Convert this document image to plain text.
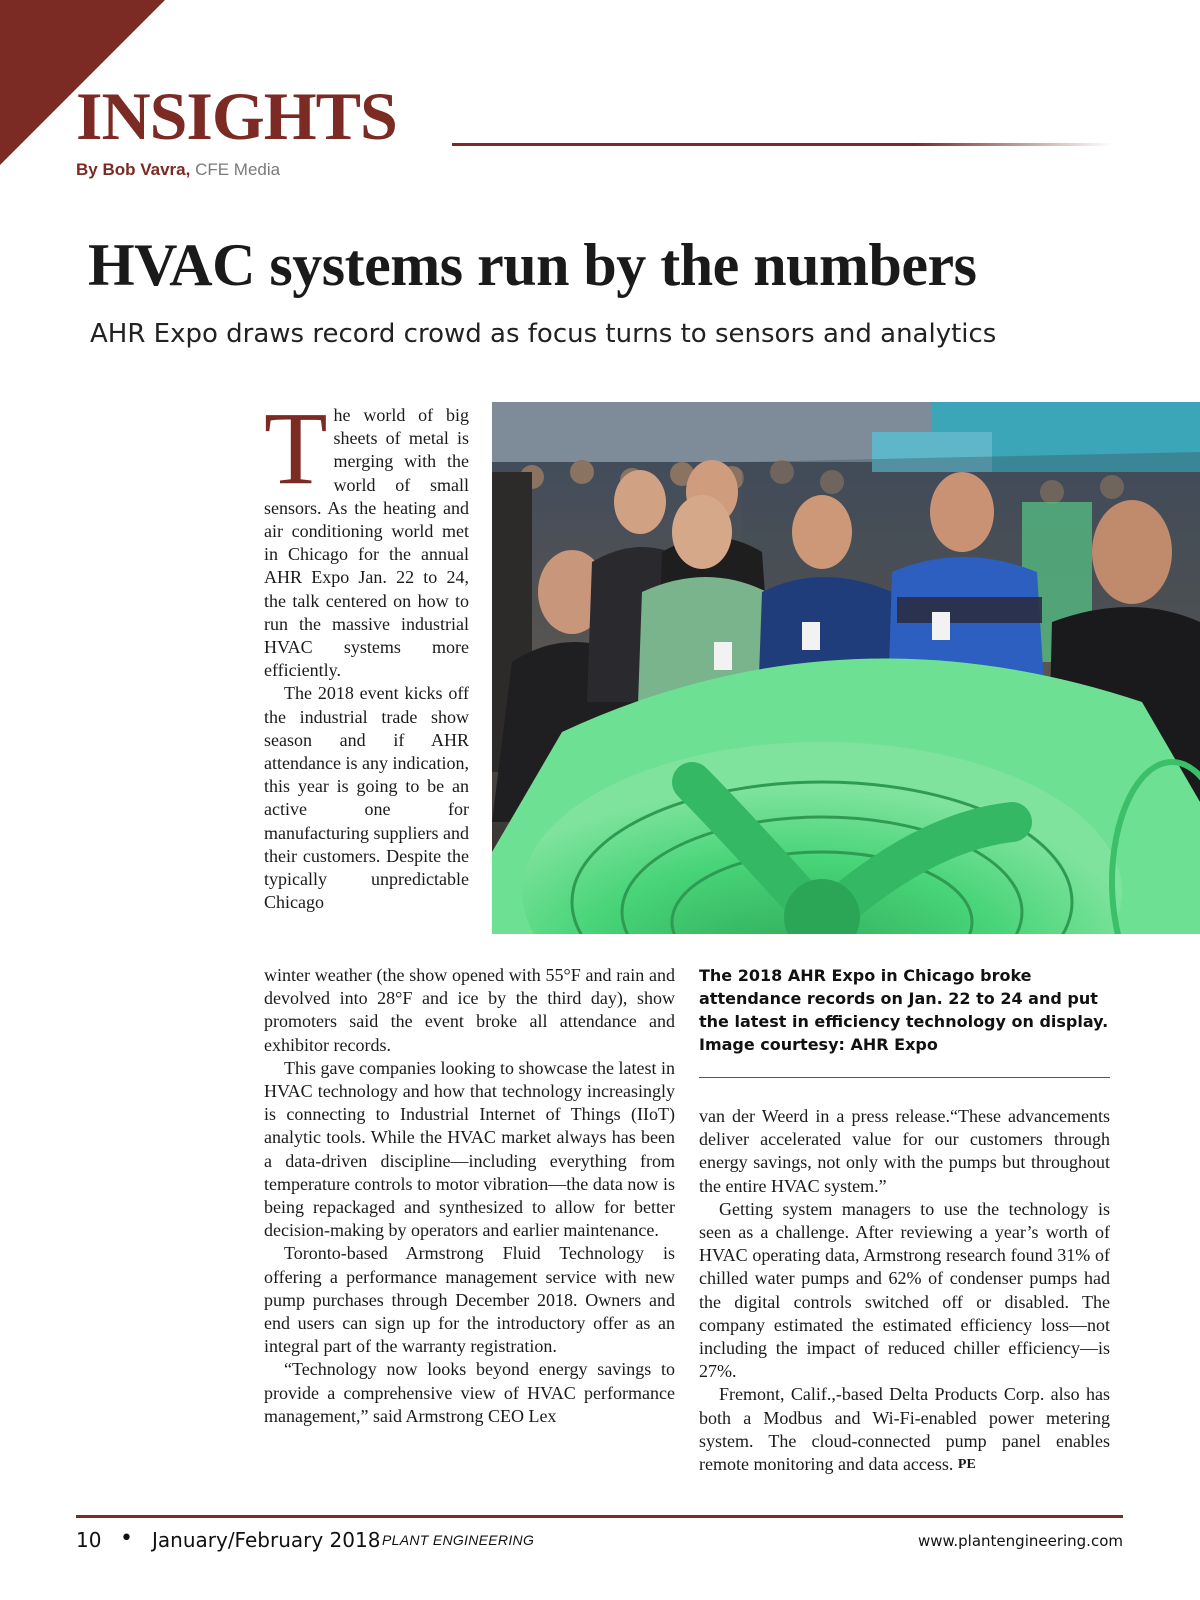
INSIGHTS
By Bob Vavra, CFE Media
HVAC systems run by the numbers

AHR Expo draws record crowd as focus turns to sensors and analytics

T he world of big sheets of metal is merging with the world of small sensors. As the heating and air conditioning world met in Chicago for the annual AHR Expo Jan. 22 to 24, the talk centered on how to run the massive industrial HVAC systems more efficiently.

The 2018 event kicks off the industrial trade show season and if AHR attendance is any indication, this year is going to be an active one for manufacturing suppliers and their customers. Despite the typically unpredictable Chicago

winter weather (the show opened with 55°F and rain and devolved into 28°F and ice by the third day), show promoters said the event broke all attendance and exhibitor records.

This gave companies looking to showcase the latest in HVAC technology and how that technology increasingly is connecting to Industrial Internet of Things (IIoT) analytic tools. While the HVAC market always has been a data-driven discipline—including everything from temperature controls to motor vibration—the data now is being repackaged and synthesized to allow for better decision-making by operators and earlier maintenance.

Toronto-based Armstrong Fluid Technology is offering a performance management service with new pump purchases through December 2018. Owners and end users can sign up for the introductory offer as an integral part of the warranty registration.

“Technology now looks beyond energy savings to provide a comprehensive view of HVAC performance management,” said Armstrong CEO Lex

The 2018 AHR Expo in Chicago broke attendance records on Jan. 22 to 24 and put the latest in efficiency technology on display. Image courtesy: AHR Expo

van der Weerd in a press release.“These advancements deliver accelerated value for our customers through energy savings, not only with the pumps but throughout the entire HVAC system.”

Getting system managers to use the technology is seen as a challenge. After reviewing a year’s worth of HVAC operating data, Armstrong research found 31% of chilled water pumps and 62% of condenser pumps had the digital controls switched off or disabled. The company estimated the estimated efficiency loss—not including the impact of reduced chiller efficiency—is 27%.

Fremont, Calif.,-based Delta Products Corp. also has both a Modbus and Wi-Fi-enabled power metering system. The cloud-connected pump panel enables remote monitoring and data access. PE

10 • January/February 2018 PLANT ENGINEERING	www.plantengineering.com
